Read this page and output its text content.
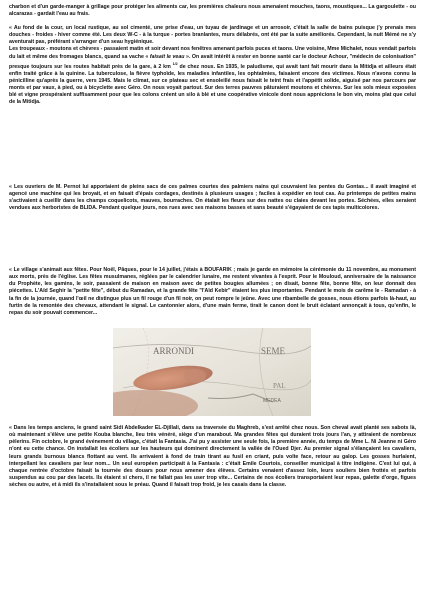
charbon et d'un garde-manger à grillage pour protéger les aliments car, les premières chaleurs nous amenaient mouches, taons, moustiques... La gargoulette - ou alcarazas - gardait l'eau au frais.

« Au fond de la cour, un local rustique, au sol cimenté, une prise d'eau, un tuyau de jardinage et un arrosoir, c'était la salle de bains puisque j'y prenais mes douches - froides - hiver comme été. Les deux W-C - à la turque - portes branlantes, murs délabrés, ont été par la suite améliorés. Cependant, la nuit Mémé ne s'y aventurait pas, préférant s'arranger d'un seau hygiénique.

Les troupeaux - moutons et chèvres - passaient matin et soir devant nos fenêtres amenant parfois puces et taons. Une voisine, Mme Michalet, nous vendait parfois du lait et même des fromages blancs, quand sa vache « faisait le veau ». On avait intérêt à rester en bonne santé car le docteur Achour, "médecin de colonisation" presque toujours sur les routes habitait près de la gare, à 2 km $^{1/2}$ de chez nous. En 1935, le paludisme, qui avait tant fait mourir dans la Mitidja et ailleurs était enfin traité grâce à la quinine. La tuberculose, la fièvre typhoïde, les maladies infantiles, les ophtalmies, faisaient encore des victimes. Nous n'avons connu la pénicilline qu'après la guerre, vers 1945. Mais le climat, sur ce plateau sec et ensoleillé nous faisait le teint frais et l'appétit solide, aiguisé par nos parcours par monts et par vaux, à pied, ou à bicyclette avec Géro. On nous voyait partout. Sur des terres pauvres pâturaient moutons et chèvres. Sur les sols mieux exposées blé et vigne prospéraient suffisamment pour que les colons créent un silo à blé et une coopérative vinicole dont nous apprécions le bon vin, moins plat que celui de la Mitidja.

« Les ouvriers de M. Pernot lui apportaient de pleins sacs de ces palmes courtes des palmiers nains qui couvraient les pentes du Gontas... il avait imaginé et agencé une machine qui les broyait, et en faisait d'épais cordages, destinés à plusieurs usages ; faciles à expédier en tout cas. Au printemps de petites mains s'activaient à cueillir dans les champs coquelicots, mauves, bourraches. On étalait les fleurs sur des nattes ou claies devant les portes. Séchées, elles seraient vendues aux herboristes de BLIDA. Pendant quelque jours, nos rues avec ses maisons basses et sans beauté s'égayaient de ces tapis multicolores.

« Le village s'animait aux fêtes. Pour Noël, Pâques, pour le 14 juillet, j'étais à BOUFARIK ; mais je garde en mémoire la cérémonie du 11 novembre, au monument aux morts, près de l'église. Les fêtes musulmanes, réglées par le calendrier lunaire, me restent vivantes à l'esprit. Pour le Mouloud, anniversaire de la naissance du Prophète, les gamins, le soir, passaient de maison en maison avec de petites bougies allumées ; on disait, bonne fête, bonne fête, on leur donnait des piécettes. L'Aïd Seghir la "petite fête", début du Ramadan, et la grande fête "l'Aïd Kebir" étaient les plus importantes. Pendant le mois de carême le - Ramadan - à la fin de la journée, quand l'œil ne distingue plus un fil rouge d'un fil noir, on peut rompre le jeûne. Avec une ribambelle de gosses, nous étions parfois là-haut, au furtin de la remontée des chevaux, attendant le signal. Le cantonnier alors, d'une main ferme, tirait le canon dont le bruit éclatant annonçait à tous, qu'enfin, le repas du soir pouvait commencer...

ARRONDI	SEME
PAL
MEDEA

« Dans les temps anciens, le grand saint Sidi Abdelkader EL-Djillali, dans sa traversée du Maghreb, s'est arrêté chez nous. Son cheval avait planté ses sabots là, où maintenant s'élève une petite Kouba blanche, lieu très vénéré, siège d'un marabout. Ma grandes fêtes qui duraient trois jours l'an, y attiraient de nombreux pèlerins. Fin octobre, le grand événement du village, c'était la Fantasia. J'ai pu y assister une seule fois, la première année, du temps de Mme L. Ni Jeanne ni Géro n'ont eu cette chance. On installait les écoliers sur les hauteurs qui dominent directement la vallée de l'Oued Djer. Au premier signal s'élançaient les cavaliers, leurs grands burnous blancs flottant au vent. Ils arrivaient à fond de train tirant au fusil en criant, puis volte face, retour au galop. Les gosses hurlaient, interpellant les cavaliers par leur nom... Un seul européen participait à la Fantasia : c'était Emile Courtois, conseiller municipal à titre indigène. C'est lui qui, à chaque rentrée d'octobre faisait la tournée des douars pour nous amener des élèves. Certains venaient d'assez loin, leurs souliers bien frottés et parfois suspendus au cou par des lacets. Ils étaient si chers, il ne fallait pas les user trop vite... Certains de nos écoliers transportaient leur repas, galette d'orge, figues sèches ou autre, et à midi ils s'installaient sous le préau. Quand il faisait trop froid, je les casais dans la classe.
